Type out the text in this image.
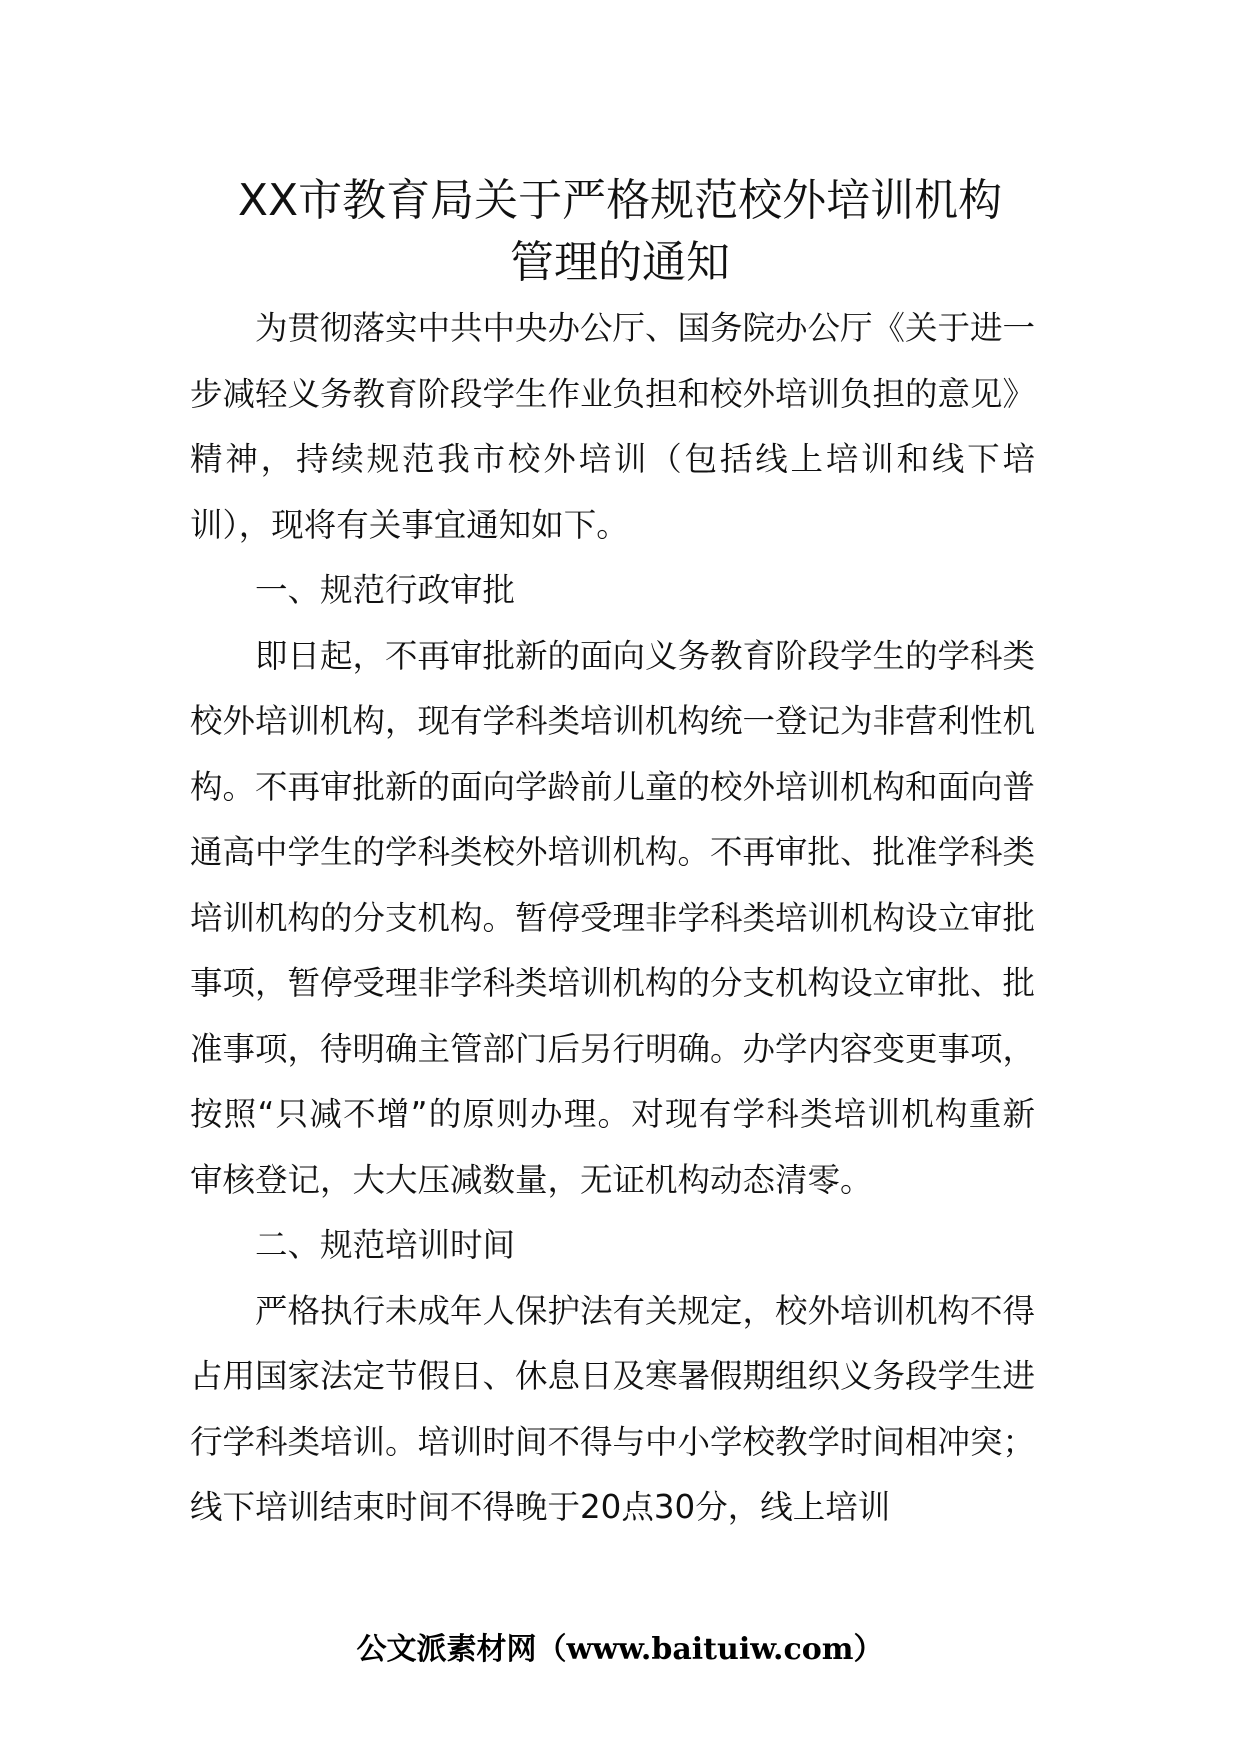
XX市教育局关于严格规范校外培训机构
管理的通知

为贯彻落实中共中央办公厅、国务院办公厅《关于进一步减轻义务教育阶段学生作业负担和校外培训负担的意见》精神，持续规范我市校外培训（包括线上培训和线下培训），现将有关事宜通知如下。

一、规范行政审批

即日起，不再审批新的面向义务教育阶段学生的学科类校外培训机构，现有学科类培训机构统一登记为非营利性机构。不再审批新的面向学龄前儿童的校外培训机构和面向普通高中学生的学科类校外培训机构。不再审批、批准学科类培训机构的分支机构。暂停受理非学科类培训机构设立审批事项，暂停受理非学科类培训机构的分支机构设立审批、批准事项，待明确主管部门后另行明确。办学内容变更事项，按照“只减不增”的原则办理。对现有学科类培训机构重新审核登记，大大压减数量，无证机构动态清零。

二、规范培训时间

严格执行未成年人保护法有关规定，校外培训机构不得占用国家法定节假日、休息日及寒暑假期组织义务段学生进行学科类培训。培训时间不得与中小学校教学时间相冲突；线下培训结束时间不得晚于20点30分，线上培训

公文派素材网（www.baituiw.com）
